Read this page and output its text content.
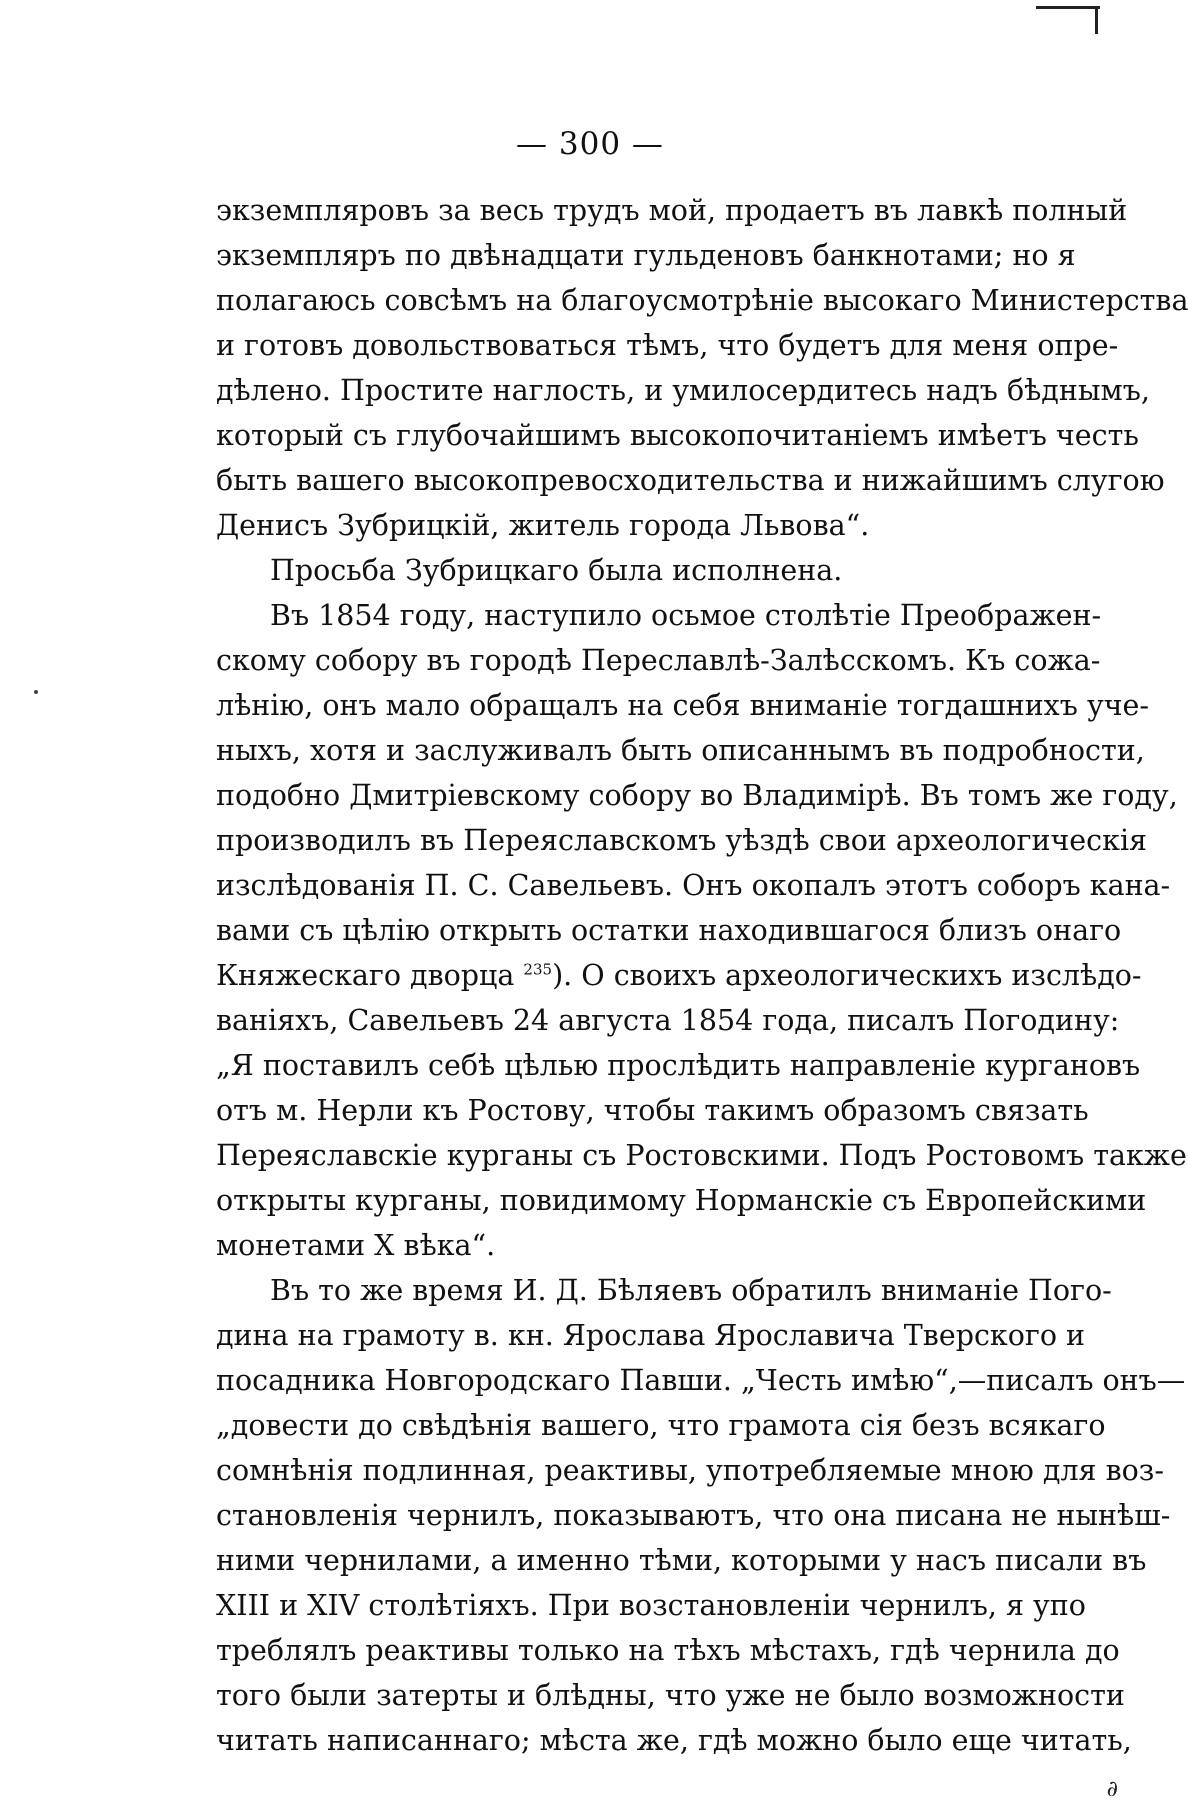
— 300 —
экземпляровъ за весь трудъ мой, продаетъ въ лавкѣ полный
экземпляръ по двѣнадцати гульденовъ банкнотами; но я
полагаюсь совсѣмъ на благоусмотрѣніе высокаго Министерства
и готовъ довольствоваться тѣмъ, что будетъ для меня опре-
дѣлено. Простите наглость, и умилосердитесь надъ бѣднымъ,
который съ глубочайшимъ высокопочитаніемъ имѣетъ честь
быть вашего высокопревосходительства и нижайшимъ слугою
Денисъ Зубрицкій, житель города Львова“.
Просьба Зубрицкаго была исполнена.
Въ 1854 году, наступило осьмое столѣтіе Преображен-
скому собору въ городѣ Переславлѣ-Залѣсскомъ. Къ сожа-
лѣнію, онъ мало обращалъ на себя вниманіе тогдашнихъ уче-
ныхъ, хотя и заслуживалъ быть описаннымъ въ подробности,
подобно Дмитріевскому собору во Владимірѣ. Въ томъ же году,
производилъ въ Переяславскомъ уѣздѣ свои археологическія
изслѣдованія П. С. Савельевъ. Онъ окопалъ этотъ соборъ кана-
вами съ цѣлію открыть остатки находившагося близъ онаго
Княжескаго дворца $^{235}$). О своихъ археологическихъ изслѣдо-
ваніяхъ, Савельевъ 24 августа 1854 года, писалъ Погодину:
„Я поставилъ себѣ цѣлью прослѣдить направленіе кургановъ
отъ м. Нерли къ Ростову, чтобы такимъ образомъ связать
Переяславскіе курганы съ Ростовскими. Подъ Ростовомъ также
открыты курганы, повидимому Норманскіе съ Европейскими
монетами X вѣка“.
Въ то же время И. Д. Бѣляевъ обратилъ вниманіе Пого-
дина на грамоту в. кн. Ярослава Ярославича Тверского и
посадника Новгородскаго Павши. „Честь имѣю“,—писалъ онъ—
„довести до свѣдѣнія вашего, что грамота сія безъ всякаго
сомнѣнія подлинная, реактивы, употребляемые мною для воз-
становленія чернилъ, показываютъ, что она писана не нынѣш-
ними чернилами, а именно тѣми, которыми у насъ писали въ
XIII и XIV столѣтіяхъ. При возстановленіи чернилъ, я упо
треблялъ реактивы только на тѣхъ мѣстахъ, гдѣ чернила до
того были затерты и блѣдны, что уже не было возможности
читать написаннаго; мѣста же, гдѣ можно было еще читать,
∂
